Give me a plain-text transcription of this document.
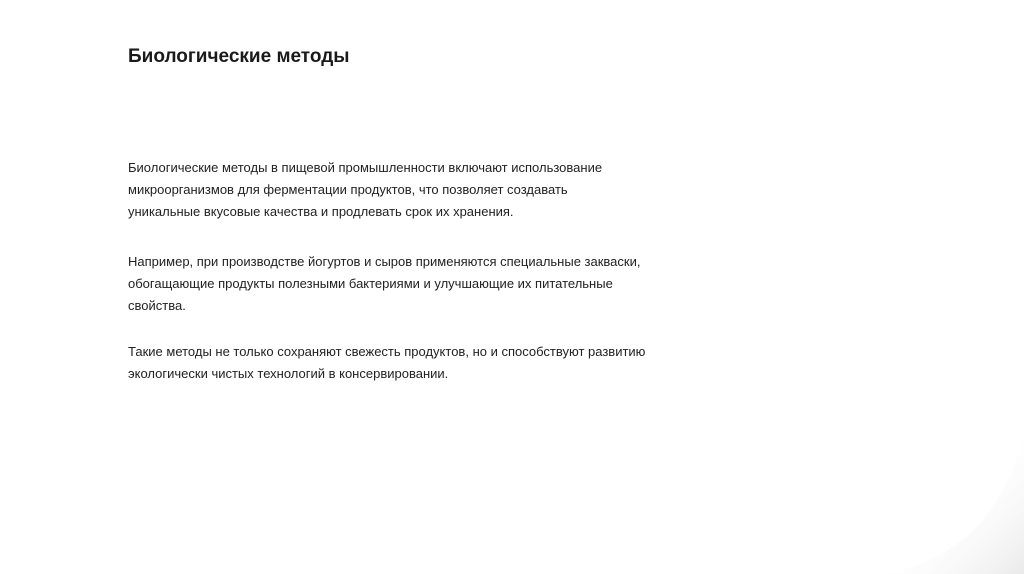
Биологические методы
Биологические методы в пищевой промышленности включают использование
микроорганизмов для ферментации продуктов, что позволяет создавать
уникальные вкусовые качества и продлевать срок их хранения.
Например, при производстве йогуртов и сыров применяются специальные закваски,
обогащающие продукты полезными бактериями и улучшающие их питательные
свойства.
Такие методы не только сохраняют свежесть продуктов, но и способствуют развитию
экологически чистых технологий в консервировании.
